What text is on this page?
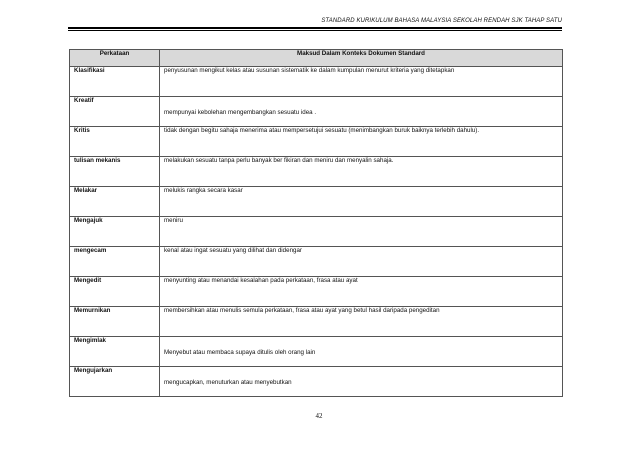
STANDARD KURIKULUM BAHASA MALAYSIA SEKOLAH RENDAH SJK TAHAP SATU
Perkataan	Maksud Dalam Konteks Dokumen Standard
Klasifikasi	penyusunan mengikut kelas atau susunan sistematik ke dalam kumpulan menurut kriteria yang ditetapkan
Kreatif	mempunyai kebolehan mengembangkan sesuatu idea .
Kritis	tidak dengan begitu sahaja menerima atau mempersetujui sesuatu (menimbangkan buruk baiknya terlebih dahulu).
tulisan mekanis	melakukan sesuatu tanpa perlu banyak ber fikiran dan meniru dan menyalin sahaja.
Melakar	melukis rangka secara kasar
Mengajuk	meniru
mengecam	kenal atau ingat sesuatu yang dilihat dan didengar
Mengedit	menyunting atau menandai kesalahan pada perkataan, frasa atau ayat
Memurnikan	membersihkan atau menulis semula perkataan, frasa atau ayat yang betul hasil daripada pengeditan
Mengimlak	Menyebut atau membaca supaya ditulis oleh orang lain
Mengujarkan	mengucapkan, menuturkan atau menyebutkan
42
